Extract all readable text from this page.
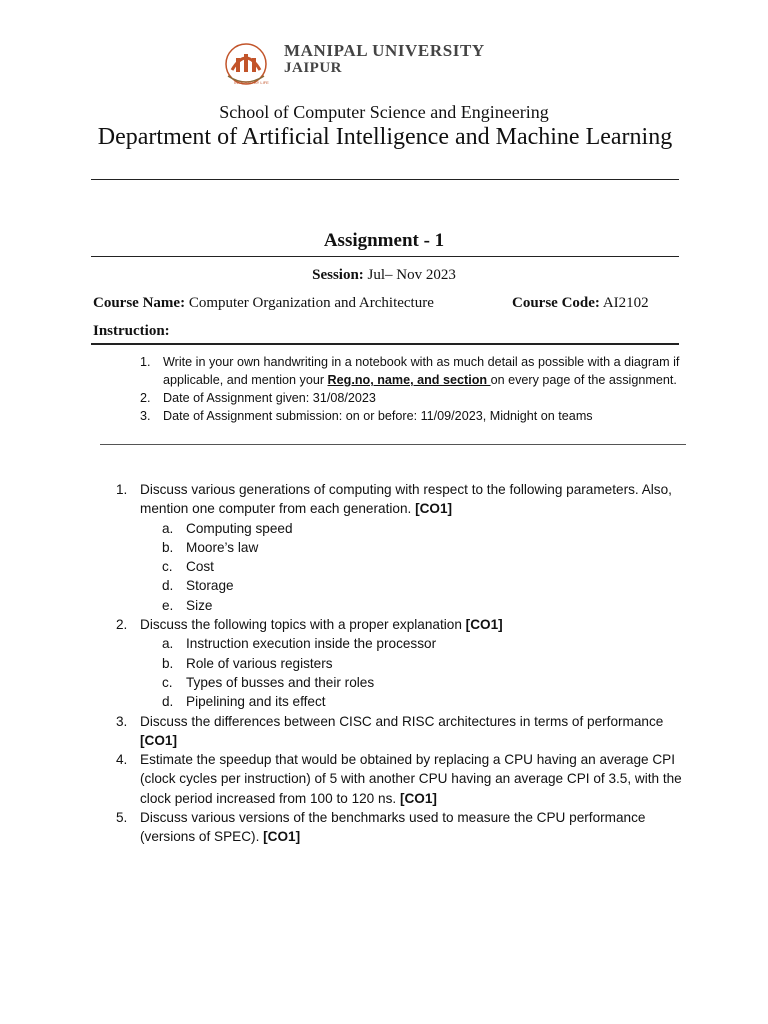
INSPIRED BY LIFE
MANIPAL UNIVERSITY
JAIPUR
School of Computer Science and Engineering
Department of Artificial Intelligence and Machine Learning
Assignment - 1
Session: Jul– Nov 2023
Course Name: Computer Organization and Architecture	Course Code: AI2102
Instruction:
1. Write in your own handwriting in a notebook with as much detail as possible with a diagram if applicable, and mention your Reg.no, name, and section on every page of the assignment.
2. Date of Assignment given: 31/08/2023
3. Date of Assignment submission: on or before: 11/09/2023, Midnight on teams
1. Discuss various generations of computing with respect to the following parameters. Also, mention one computer from each generation. [CO1]
a. Computing speed
b. Moore’s law
c. Cost
d. Storage
e. Size
2. Discuss the following topics with a proper explanation [CO1]
a. Instruction execution inside the processor
b. Role of various registers
c. Types of busses and their roles
d. Pipelining and its effect
3. Discuss the differences between CISC and RISC architectures in terms of performance [CO1]
4. Estimate the speedup that would be obtained by replacing a CPU having an average CPI (clock cycles per instruction) of 5 with another CPU having an average CPI of 3.5, with the clock period increased from 100 to 120 ns. [CO1]
5. Discuss various versions of the benchmarks used to measure the CPU performance (versions of SPEC). [CO1]
